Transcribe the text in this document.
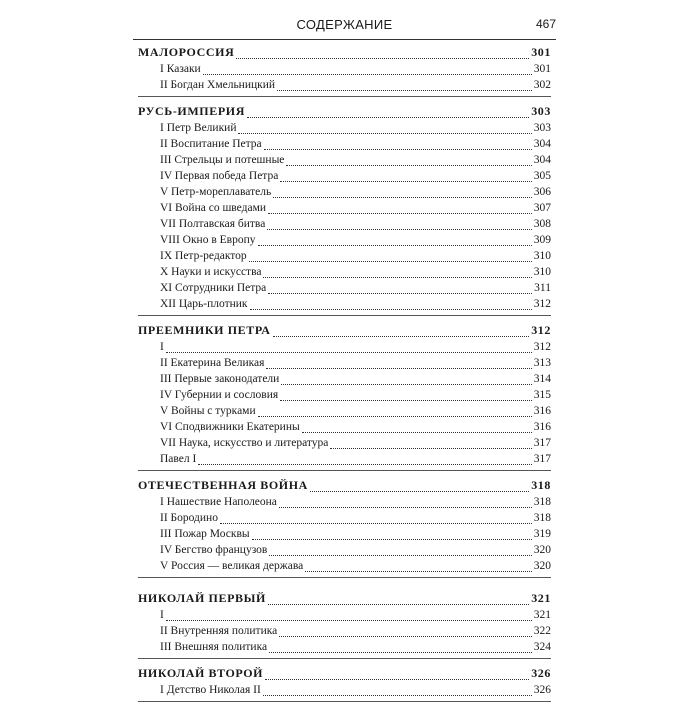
СОДЕРЖАНИЕ	467
МАЛОРОССИЯ	301
I Казаки	301
II Богдан Хмельницкий	302
РУСЬ-ИМПЕРИЯ	303
I Петр Великий	303
II Воспитание Петра	304
III Стрельцы и потешные	304
IV Первая победа Петра	305
V Петр-мореплаватель	306
VI Война со шведами	307
VII Полтавская битва	308
VIII Окно в Европу	309
IX Петр-редактор	310
X Науки и искусства	310
XI Сотрудники Петра	311
XII Царь-плотник	312
ПРЕЕМНИКИ ПЕТРА	312
I	312
II Екатерина Великая	313
III Первые законодатели	314
IV Губернии и сословия	315
V Войны с турками	316
VI Сподвижники Екатерины	316
VII Наука, искусство и литература	317
Павел I	317
ОТЕЧЕСТВЕННАЯ ВОЙНА	318
I Нашествие Наполеона	318
II Бородино	318
III Пожар Москвы	319
IV Бегство французов	320
V Россия — великая держава	320
НИКОЛАЙ ПЕРВЫЙ	321
I	321
II Внутренняя политика	322
III Внешняя политика	324
НИКОЛАЙ ВТОРОЙ	326
I Детство Николая II	326
